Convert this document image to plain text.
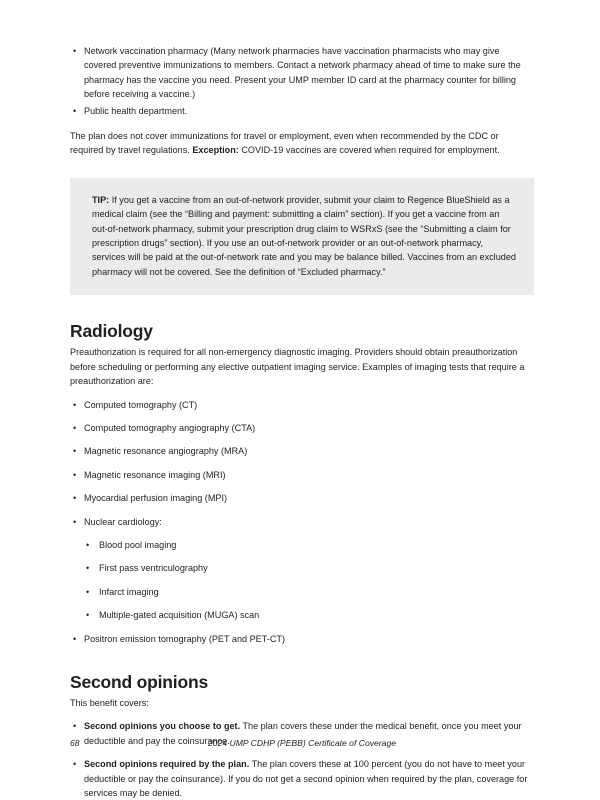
• Network vaccination pharmacy (Many network pharmacies have vaccination pharmacists who may give covered preventive immunizations to members. Contact a network pharmacy ahead of time to make sure the pharmacy has the vaccine you need. Present your UMP member ID card at the pharmacy counter for billing before receiving a vaccine.)
• Public health department.

The plan does not cover immunizations for travel or employment, even when recommended by the CDC or required by travel regulations. Exception: COVID-19 vaccines are covered when required for employment.

TIP: If you get a vaccine from an out-of-network provider, submit your claim to Regence BlueShield as a medical claim (see the “Billing and payment: submitting a claim” section). If you get a vaccine from an out-of-network pharmacy, submit your prescription drug claim to WSRxS (see the “Submitting a claim for prescription drugs” section). If you use an out-of-network provider or an out-of-network pharmacy, services will be paid at the out-of-network rate and you may be balance billed. Vaccines from an excluded pharmacy will not be covered. See the definition of “Excluded pharmacy.”

Radiology

Preauthorization is required for all non-emergency diagnostic imaging. Providers should obtain preauthorization before scheduling or performing any elective outpatient imaging service. Examples of imaging tests that require a preauthorization are:

• Computed tomography (CT)
• Computed tomography angiography (CTA)
• Magnetic resonance angiography (MRA)
• Magnetic resonance imaging (MRI)
• Myocardial perfusion imaging (MPI)
• Nuclear cardiology:
• Blood pool imaging
• First pass ventriculography
• Infarct imaging
• Multiple-gated acquisition (MUGA) scan
• Positron emission tomography (PET and PET-CT)
Second opinions

This benefit covers:

• Second opinions you choose to get. The plan covers these under the medical benefit, once you meet your deductible and pay the coinsurance.
• Second opinions required by the plan. The plan covers these at 100 percent (you do not have to meet your deductible or pay the coinsurance). If you do not get a second opinion when required by the plan, coverage for services may be denied.
68	2024 UMP CDHP (PEBB) Certificate of Coverage
